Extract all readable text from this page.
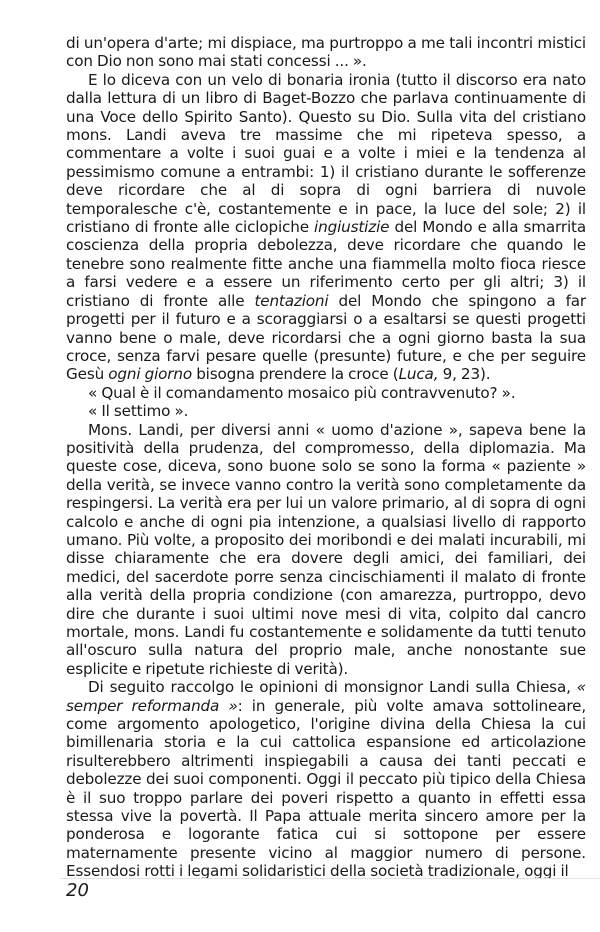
di un'opera d'arte; mi dispiace, ma purtroppo a me tali incontri mistici con Dio non sono mai stati concessi ... ».

E lo diceva con un velo di bonaria ironia (tutto il discorso era nato dalla lettura di un libro di Baget-Bozzo che parlava continuamente di una Voce dello Spirito Santo). Questo su Dio. Sulla vita del cristiano mons. Landi aveva tre massime che mi ripeteva spesso, a commentare a volte i suoi guai e a volte i miei e la tendenza al pessimismo comune a entrambi: 1) il cristiano durante le sofferenze deve ricordare che al di sopra di ogni barriera di nuvole temporalesche c'è, costantemente e in pace, la luce del sole; 2) il cristiano di fronte alle ciclopiche ingiustizie del Mondo e alla smarrita coscienza della propria debolezza, deve ricordare che quando le tenebre sono realmente fitte anche una fiammella molto fioca riesce a farsi vedere e a essere un riferimento certo per gli altri; 3) il cristiano di fronte alle tentazioni del Mondo che spingono a far progetti per il futuro e a scoraggiarsi o a esaltarsi se questi progetti vanno bene o male, deve ricordarsi che a ogni giorno basta la sua croce, senza farvi pesare quelle (presunte) future, e che per seguire Gesù ogni giorno bisogna prendere la croce (Luca, 9, 23).

« Qual è il comandamento mosaico più contravvenuto? ».

« Il settimo ».

Mons. Landi, per diversi anni « uomo d'azione », sapeva bene la positività della prudenza, del compromesso, della diplomazia. Ma queste cose, diceva, sono buone solo se sono la forma « paziente » della verità, se invece vanno contro la verità sono completamente da respingersi. La verità era per lui un valore primario, al di sopra di ogni calcolo e anche di ogni pia intenzione, a qualsiasi livello di rapporto umano. Più volte, a proposito dei moribondi e dei malati incurabili, mi disse chiaramente che era dovere degli amici, dei familiari, dei medici, del sacerdote porre senza cincischiamenti il malato di fronte alla verità della propria condizione (con amarezza, purtroppo, devo dire che durante i suoi ultimi nove mesi di vita, colpito dal cancro mortale, mons. Landi fu costantemente e solidamente da tutti tenuto all'oscuro sulla natura del proprio male, anche nonostante sue esplicite e ripetute richieste di verità).

Di seguito raccolgo le opinioni di monsignor Landi sulla Chiesa, « semper reformanda »: in generale, più volte amava sottolineare, come argomento apologetico, l'origine divina della Chiesa la cui bimillenaria storia e la cui cattolica espansione ed articolazione risulterebbero altrimenti inspiegabili a causa dei tanti peccati e debolezze dei suoi componenti. Oggi il peccato più tipico della Chiesa è il suo troppo parlare dei poveri rispetto a quanto in effetti essa stessa vive la povertà. Il Papa attuale merita sincero amore per la ponderosa e logorante fatica cui si sottopone per essere maternamente presente vicino al maggior numero di persone. Essendosi rotti i legami solidaristici della società tradizionale, oggi il

20
